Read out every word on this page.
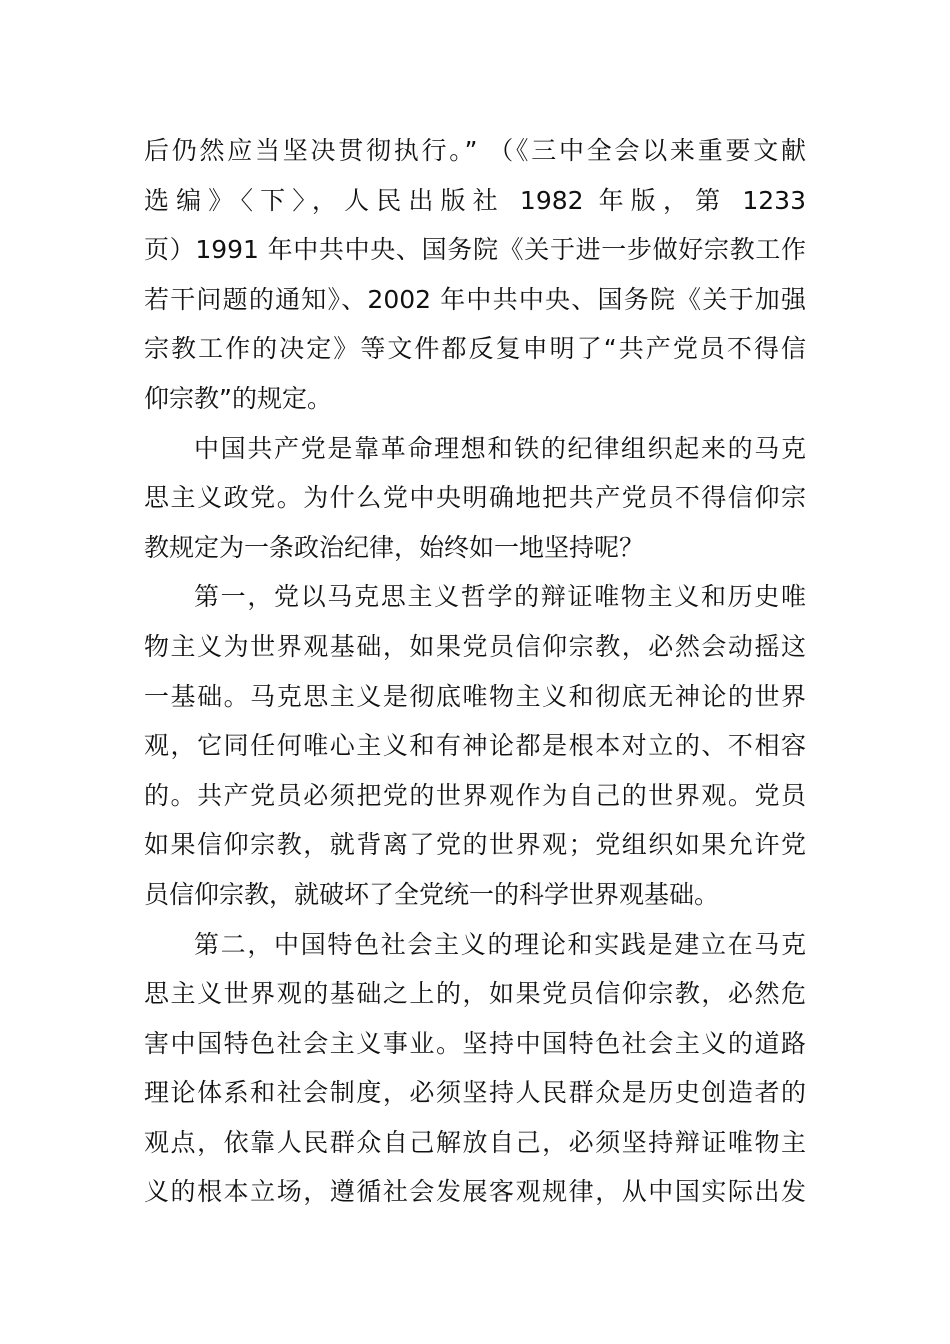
后仍然应当坚决贯彻执行。” （《三中全会以来重要文献
选编》〈下〉，人民出版社 1982 年版，第 1233
页）1991 年中共中央、国务院《关于进一步做好宗教工作
若干问题的通知》、2002 年中共中央、国务院《关于加强
宗教工作的决定》等文件都反复申明了“共产党员不得信
仰宗教”的规定。
中国共产党是靠革命理想和铁的纪律组织起来的马克
思主义政党。为什么党中央明确地把共产党员不得信仰宗
教规定为一条政治纪律，始终如一地坚持呢？
第一，党以马克思主义哲学的辩证唯物主义和历史唯
物主义为世界观基础，如果党员信仰宗教，必然会动摇这
一基础。马克思主义是彻底唯物主义和彻底无神论的世界
观，它同任何唯心主义和有神论都是根本对立的、不相容
的。共产党员必须把党的世界观作为自己的世界观。党员
如果信仰宗教，就背离了党的世界观；党组织如果允许党
员信仰宗教，就破坏了全党统一的科学世界观基础。
第二，中国特色社会主义的理论和实践是建立在马克
思主义世界观的基础之上的，如果党员信仰宗教，必然危
害中国特色社会主义事业。坚持中国特色社会主义的道路
理论体系和社会制度，必须坚持人民群众是历史创造者的
观点，依靠人民群众自己解放自己，必须坚持辩证唯物主
义的根本立场，遵循社会发展客观规律，从中国实际出发
